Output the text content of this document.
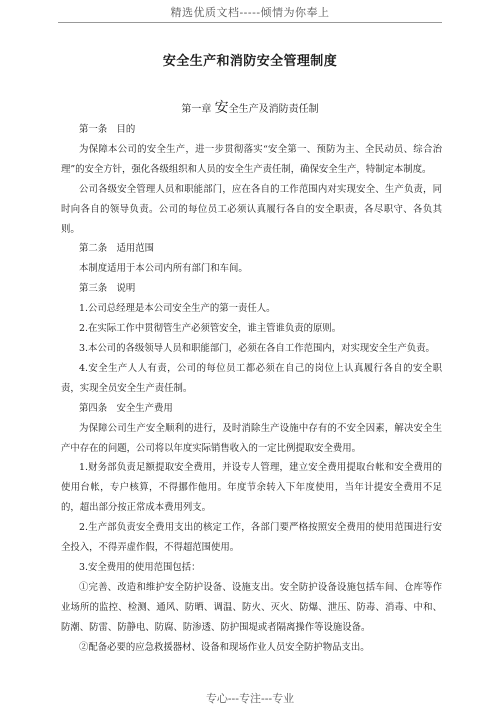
精选优质文档-----倾情为你奉上
安全生产和消防安全管理制度
第一章 安全生产及消防责任制

第一条　目的

为保障本公司的安全生产，进一步贯彻落实“安全第一、预防为主、全民动员、综合治理”的安全方针，强化各级组织和人员的安全生产责任制，确保安全生产，特制定本制度。

公司各级安全管理人员和职能部门，应在各自的工作范围内对实现安全、生产负责，同时向各自的领导负责。公司的每位员工必须认真履行各自的安全职责，各尽职守、各负其则。

第二条　适用范围

本制度适用于本公司内所有部门和车间。

第三条　说明

1.公司总经理是本公司安全生产的第一责任人。

2.在实际工作中贯彻管生产必须管安全，谁主管谁负责的原则。

3.本公司的各级领导人员和职能部门，必须在各自工作范围内，对实现安全生产负责。

4.安全生产人人有责，公司的每位员工都必须在自己的岗位上认真履行各自的安全职责，实现全员安全生产责任制。

第四条　安全生产费用

为保障公司生产安全顺利的进行，及时消除生产设施中存有的不安全因素，解决安全生产中存在的问题，公司将以年度实际销售收入的一定比例提取安全费用。

1.财务部负责足额提取安全费用，并设专人管理，建立安全费用提取台帐和安全费用的使用台帐，专户核算，不得挪作他用。年度节余转入下年度使用，当年计提安全费用不足的，超出部分按正常成本费用列支。

2.生产部负责安全费用支出的核定工作，各部门要严格按照安全费用的使用范围进行安全投入，不得弄虚作假，不得超范围使用。

3.安全费用的使用范围包括：

①完善、改造和维护安全防护设备、设施支出。安全防护设备设施包括车间、仓库等作业场所的监控、检测、通风、防晒、调温、防火、灭火、防爆、泄压、防毒、消毒、中和、防潮、防雷、防静电、防腐、防渗透、防护围堤或者隔离操作等设施设备。

②配备必要的应急救援器材、设备和现场作业人员安全防护物品支出。

专心---专注---专业
